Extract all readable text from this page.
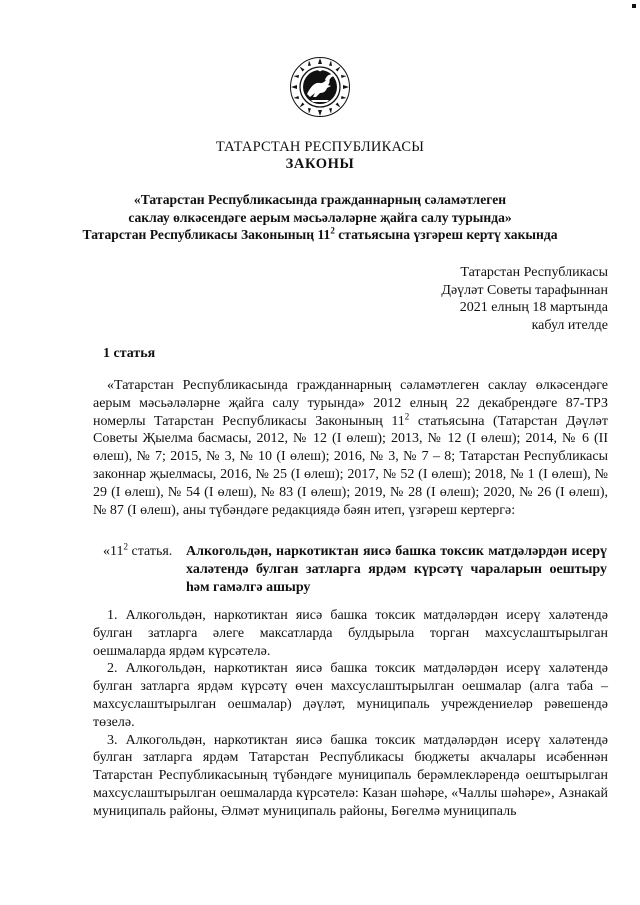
ТАТАРСТАН РЕСПУБЛИКАСЫ
ЗАКОНЫ
«Татарстан Республикасында гражданнарның сәламәтлеген
саклау өлкәсендәге аерым мәсьәләләрне җайга салу турында»
Татарстан Республикасы Законының $11^2$ статьясына үзгәреш кертү хакында
Татарстан Республикасы
Дәүләт Советы тарафыннан
2021 елның 18 мартында
кабул ителде
1 статья
«Татарстан Республикасында гражданнарның сәламәтлеген саклау өлкәсендәге аерым мәсьәләләрне җайга салу турында» 2012 елның 22 декабрендәге 87-ТРЗ номерлы Татарстан Республикасы Законының $11^2$ статьясына (Татарстан Дәүләт Советы Җыелма басмасы, 2012, № 12 (I өлеш); 2013, № 12 (I өлеш); 2014, № 6 (II өлеш), № 7; 2015, № 3, № 10 (I өлеш); 2016, № 3, № 7 – 8; Татарстан Республикасы законнар җыелмасы, 2016, № 25 (I өлеш); 2017, № 52 (I өлеш); 2018, № 1 (I өлеш), № 29 (I өлеш), № 54 (I өлеш), № 83 (I өлеш); 2019, № 28 (I өлеш); 2020, № 26 (I өлеш), № 87 (I өлеш), аны түбәндәге редакциядә бәян итеп, үзгәреш кертергә:
«$11^2$ статья. Алкогольдән, наркотиктан яисә башка токсик матдәләрдән исерү халәтендә булган затларга ярдәм күрсәтү чараларын оештыру һәм гамәлгә ашыру

1. Алкогольдән, наркотиктан яисә башка токсик матдәләрдән исерү халәтендә булган затларга әлеге максатларда булдырыла торган махсуслаштырылган оешмаларда ярдәм күрсәтелә.

2. Алкогольдән, наркотиктан яисә башка токсик матдәләрдән исерү халәтендә булган затларга ярдәм күрсәтү өчен махсуслаштырылган оешмалар (алга таба – махсуслаштырылган оешмалар) дәүләт, муниципаль учреждениеләр рәвешендә төзелә.

3. Алкогольдән, наркотиктан яисә башка токсик матдәләрдән исерү халәтендә булган затларга ярдәм Татарстан Республикасы бюджеты акчалары исәбеннән Татарстан Республикасының түбәндәге муниципаль берәмлекләрендә оештырылган махсуслаштырылган оешмаларда күрсәтелә: Казан шәһәре, «Чаллы шәһәре», Азнакай муниципаль районы, Әлмәт муниципаль районы, Бөгелмә муниципаль
